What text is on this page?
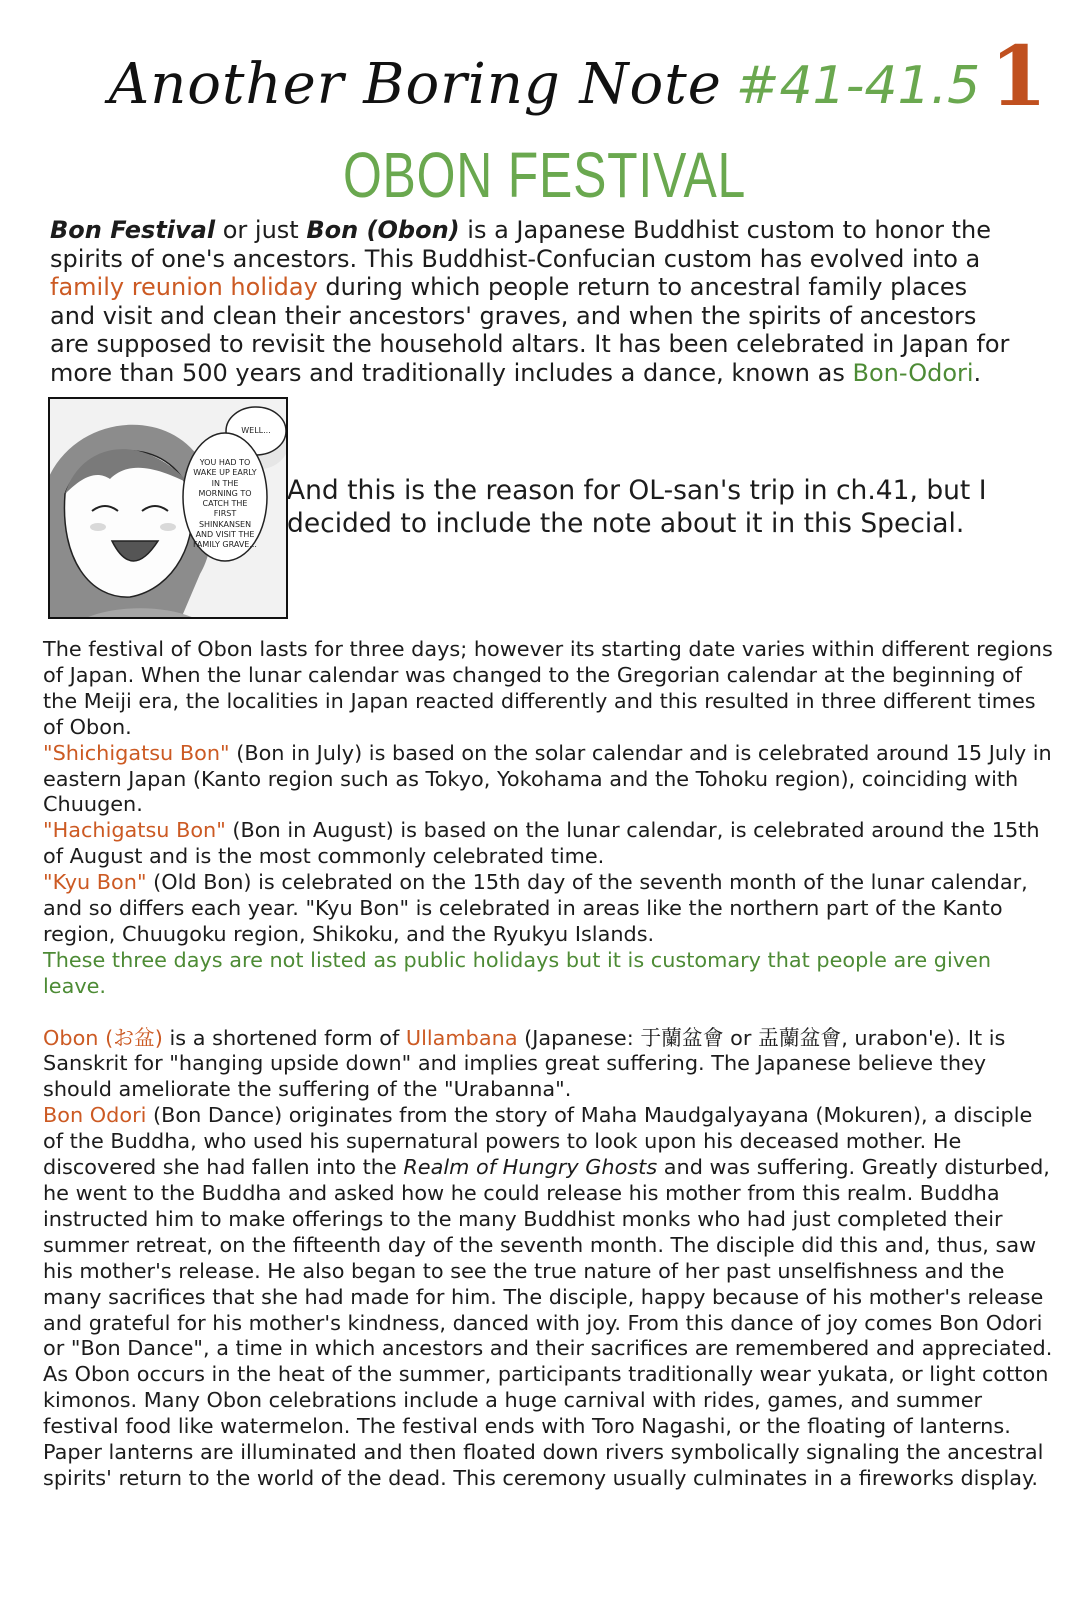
Another Boring Note #41-41.5 1
OBON FESTIVAL

Bon Festival or just Bon (Obon) is a Japanese Buddhist custom to honor the spirits of one's ancestors. This Buddhist-Confucian custom has evolved into a family reunion holiday during which people return to ancestral family places and visit and clean their ancestors' graves, and when the spirits of ancestors are supposed to revisit the household altars. It has been celebrated in Japan for more than 500 years and traditionally includes a dance, known as Bon-Odori.

WELL...
YOU HAD TO WAKE UP EARLY IN THE MORNING TO CATCH THE FIRST SHINKANSEN AND VISIT THE FAMILY GRAVE...

And this is the reason for OL-san's trip in ch.41, but I decided to include the note about it in this Special.

The festival of Obon lasts for three days; however its starting date varies within different regions of Japan. When the lunar calendar was changed to the Gregorian calendar at the beginning of the Meiji era, the localities in Japan reacted differently and this resulted in three different times of Obon.

"Shichigatsu Bon" (Bon in July) is based on the solar calendar and is celebrated around 15 July in eastern Japan (Kanto region such as Tokyo, Yokohama and the Tohoku region), coinciding with Chuugen.

"Hachigatsu Bon" (Bon in August) is based on the lunar calendar, is celebrated around the 15th of August and is the most commonly celebrated time.

"Kyu Bon" (Old Bon) is celebrated on the 15th day of the seventh month of the lunar calendar, and so differs each year. "Kyu Bon" is celebrated in areas like the northern part of the Kanto region, Chuugoku region, Shikoku, and the Ryukyu Islands.

These three days are not listed as public holidays but it is customary that people are given leave.

Obon (お盆) is a shortened form of Ullambana (Japanese: 于蘭盆會 or 盂蘭盆會, urabon'e). It is Sanskrit for "hanging upside down" and implies great suffering. The Japanese believe they should ameliorate the suffering of the "Urabanna".

Bon Odori (Bon Dance) originates from the story of Maha Maudgalyayana (Mokuren), a disciple of the Buddha, who used his supernatural powers to look upon his deceased mother. He discovered she had fallen into the Realm of Hungry Ghosts and was suffering. Greatly disturbed, he went to the Buddha and asked how he could release his mother from this realm. Buddha instructed him to make offerings to the many Buddhist monks who had just completed their summer retreat, on the fifteenth day of the seventh month. The disciple did this and, thus, saw his mother's release. He also began to see the true nature of her past unselfishness and the many sacrifices that she had made for him. The disciple, happy because of his mother's release and grateful for his mother's kindness, danced with joy. From this dance of joy comes Bon Odori or "Bon Dance", a time in which ancestors and their sacrifices are remembered and appreciated.

As Obon occurs in the heat of the summer, participants traditionally wear yukata, or light cotton kimonos. Many Obon celebrations include a huge carnival with rides, games, and summer festival food like watermelon. The festival ends with Toro Nagashi, or the floating of lanterns. Paper lanterns are illuminated and then floated down rivers symbolically signaling the ancestral spirits' return to the world of the dead. This ceremony usually culminates in a fireworks display.
